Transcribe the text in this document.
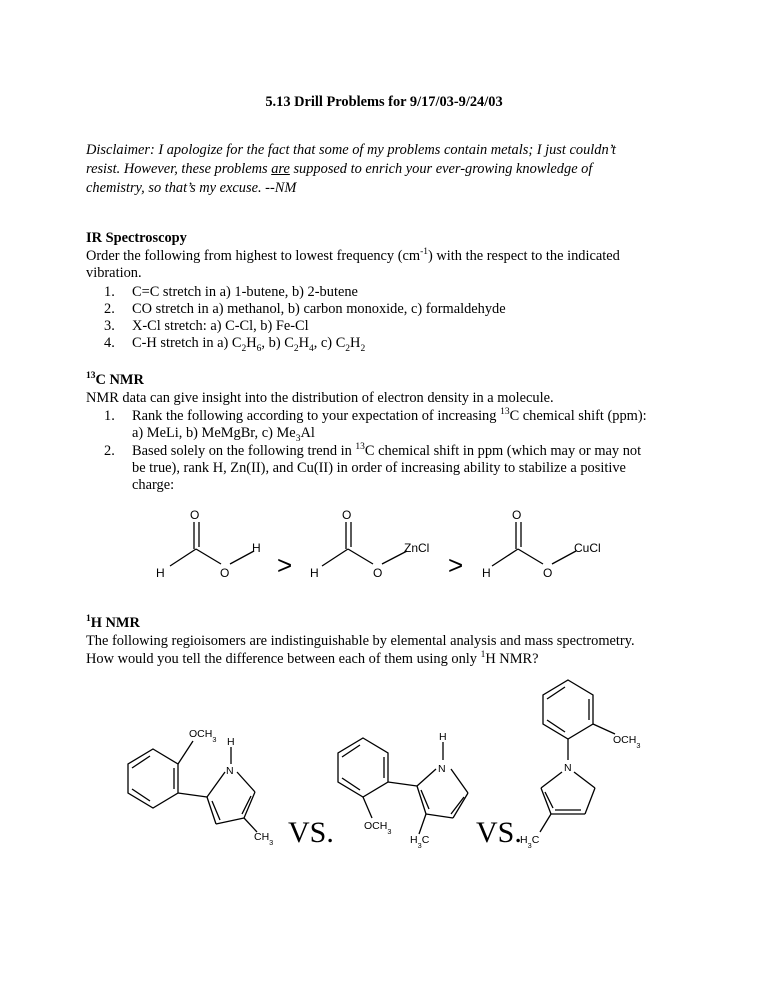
5.13 Drill Problems for 9/17/03-9/24/03
Disclaimer: I apologize for the fact that some of my problems contain metals; I just couldn’t
resist. However, these problems are supposed to enrich your ever-growing knowledge of
chemistry, so that’s my excuse. --NM
IR Spectroscopy
Order the following from highest to lowest frequency $(cm^{-1})$ with the respect to the indicated
vibration.
1. C=C stretch in a) 1-butene, b) 2-butene
2. CO stretch in a) methanol, b) carbon monoxide, c) formaldehyde
3. X-Cl stretch: a) C-Cl, b) Fe-Cl
4. C-H stretch in a) $C_2H_6$, b) $C_2H_4$, c) $C_2H_2$
$^{13}$C NMR
NMR data can give insight into the distribution of electron density in a molecule.
1. Rank the following according to your expectation of increasing $^{13}$C chemical shift (ppm):
a) MeLi, b) MeMgBr, c) $Me_3Al$
2. Based solely on the following trend in $^{13}$C chemical shift in ppm (which may or may not
be true), rank H, Zn(II), and Cu(II) in order of increasing ability to stabilize a positive
charge:
$^1$H NMR
The following regioisomers are indistinguishable by elemental analysis and mass spectrometry.
How would you tell the difference between each of them using only $^1$H NMR?
O
H	O
H
O
H	O
ZnCl
O
H	O
CuCl
>	>
$OCH_3$ H
N
$CH_3$
H
N
$OCH_3$
$H_3C$
$OCH_3$
N
$H_3C$
VS.	VS.
